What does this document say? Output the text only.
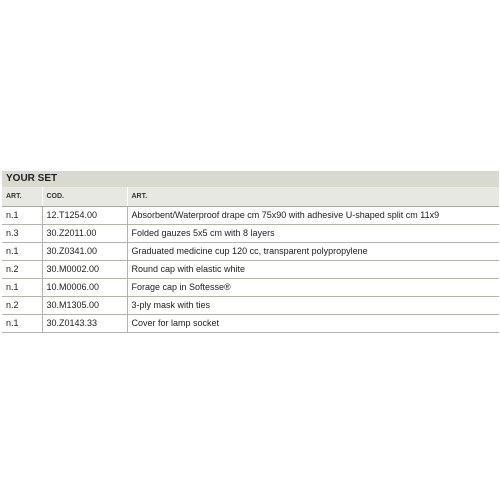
YOUR SET		
ART.	COD.	ART.
n.1	12.T1254.00	Absorbent/Waterproof drape cm 75x90 with adhesive U-shaped split cm 11x9
n.3	30.Z2011.00	Folded gauzes 5x5 cm with 8 layers
n.1	30.Z0341.00	Graduated medicine cup 120 cc, transparent polypropylene
n.2	30.M0002.00	Round cap with elastic white
n.1	10.M0006.00	Forage cap in Softesse®
n.2	30.M1305.00	3-ply mask with ties
n.1	30.Z0143.33	Cover for lamp socket
